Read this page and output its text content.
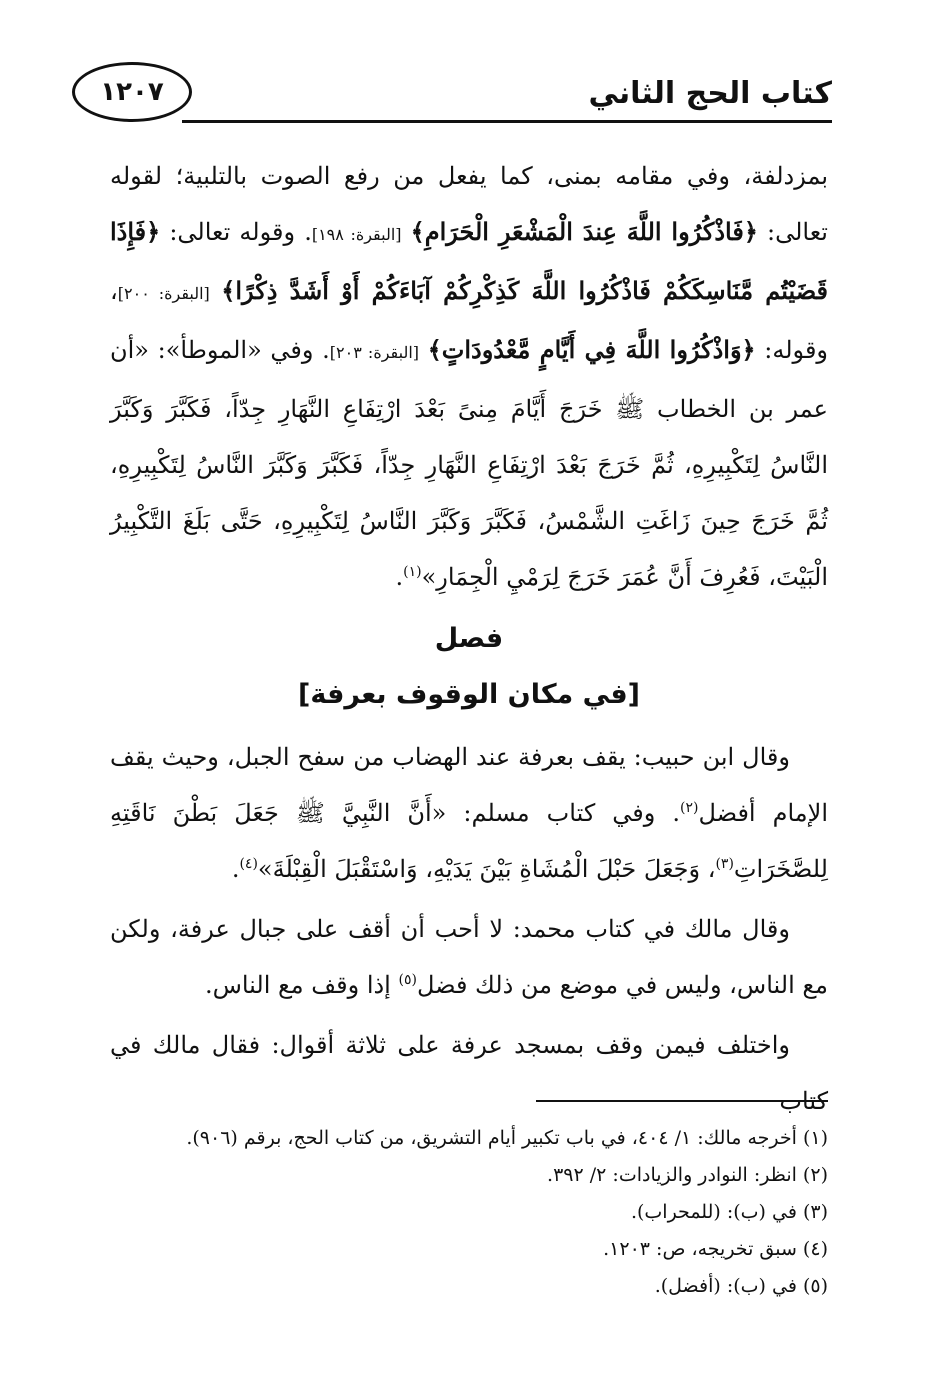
كتاب الحج الثاني
١٢٠٧

بمزدلفة، وفي مقامه بمنى، كما يفعل من رفع الصوت بالتلبية؛ لقوله تعالى: ﴿فَاذْكُرُوا اللَّهَ عِندَ الْمَشْعَرِ الْحَرَامِ﴾ [البقرة: ١٩٨]. وقوله تعالى: ﴿فَإِذَا قَضَيْتُم مَّنَاسِكَكُمْ فَاذْكُرُوا اللَّهَ كَذِكْرِكُمْ آبَاءَكُمْ أَوْ أَشَدَّ ذِكْرًا﴾ [البقرة: ٢٠٠]، وقوله: ﴿وَاذْكُرُوا اللَّهَ فِي أَيَّامٍ مَّعْدُودَاتٍ﴾ [البقرة: ٢٠٣]. وفي «الموطأ»: «أن عمر بن الخطاب ﷺ خَرَجَ أَيَّامَ مِنىً بَعْدَ ارْتِفَاعِ النَّهَارِ جِدّاً، فَكَبَّرَ وَكَبَّرَ النَّاسُ لِتَكْبِيرِهِ، ثُمَّ خَرَجَ بَعْدَ ارْتِفَاعِ النَّهَارِ جِدّاً، فَكَبَّرَ وَكَبَّرَ النَّاسُ لِتَكْبِيرِهِ، ثُمَّ خَرَجَ حِينَ زَاغَتِ الشَّمْسُ، فَكَبَّرَ وَكَبَّرَ النَّاسُ لِتَكْبِيرِهِ، حَتَّى بَلَغَ التَّكْبِيرُ الْبَيْتَ، فَعُرِفَ أَنَّ عُمَرَ خَرَجَ لِرَمْيِ الْجِمَارِ»$^{(١)}$.

فصل
[في مكان الوقوف بعرفة]

وقال ابن حبيب: يقف بعرفة عند الهضاب من سفح الجبل، وحيث يقف الإمام أفضل$^{(٢)}$. وفي كتاب مسلم: «أَنَّ النَّبِيَّ ﷺ جَعَلَ بَطْنَ نَاقَتِهِ لِلصَّخَرَاتِ$^{(٣)}$، وَجَعَلَ حَبْلَ الْمُشَاةِ بَيْنَ يَدَيْهِ، وَاسْتَقْبَلَ الْقِبْلَةَ»$^{(٤)}$.

وقال مالك في كتاب محمد: لا أحب أن أقف على جبال عرفة، ولكن مع الناس، وليس في موضع من ذلك فضل$^{(٥)}$ إذا وقف مع الناس.

واختلف فيمن وقف بمسجد عرفة على ثلاثة أقوال: فقال مالك في كتاب

(١) أخرجه مالك: ١/ ٤٠٤، في باب تكبير أيام التشريق، من كتاب الحج، برقم (٩٠٦).

(٢) انظر: النوادر والزيادات: ٢/ ٣٩٢.

(٣) في (ب): (للمحراب).

(٤) سبق تخريجه، ص: ١٢٠٣.

(٥) في (ب): (أفضل).
